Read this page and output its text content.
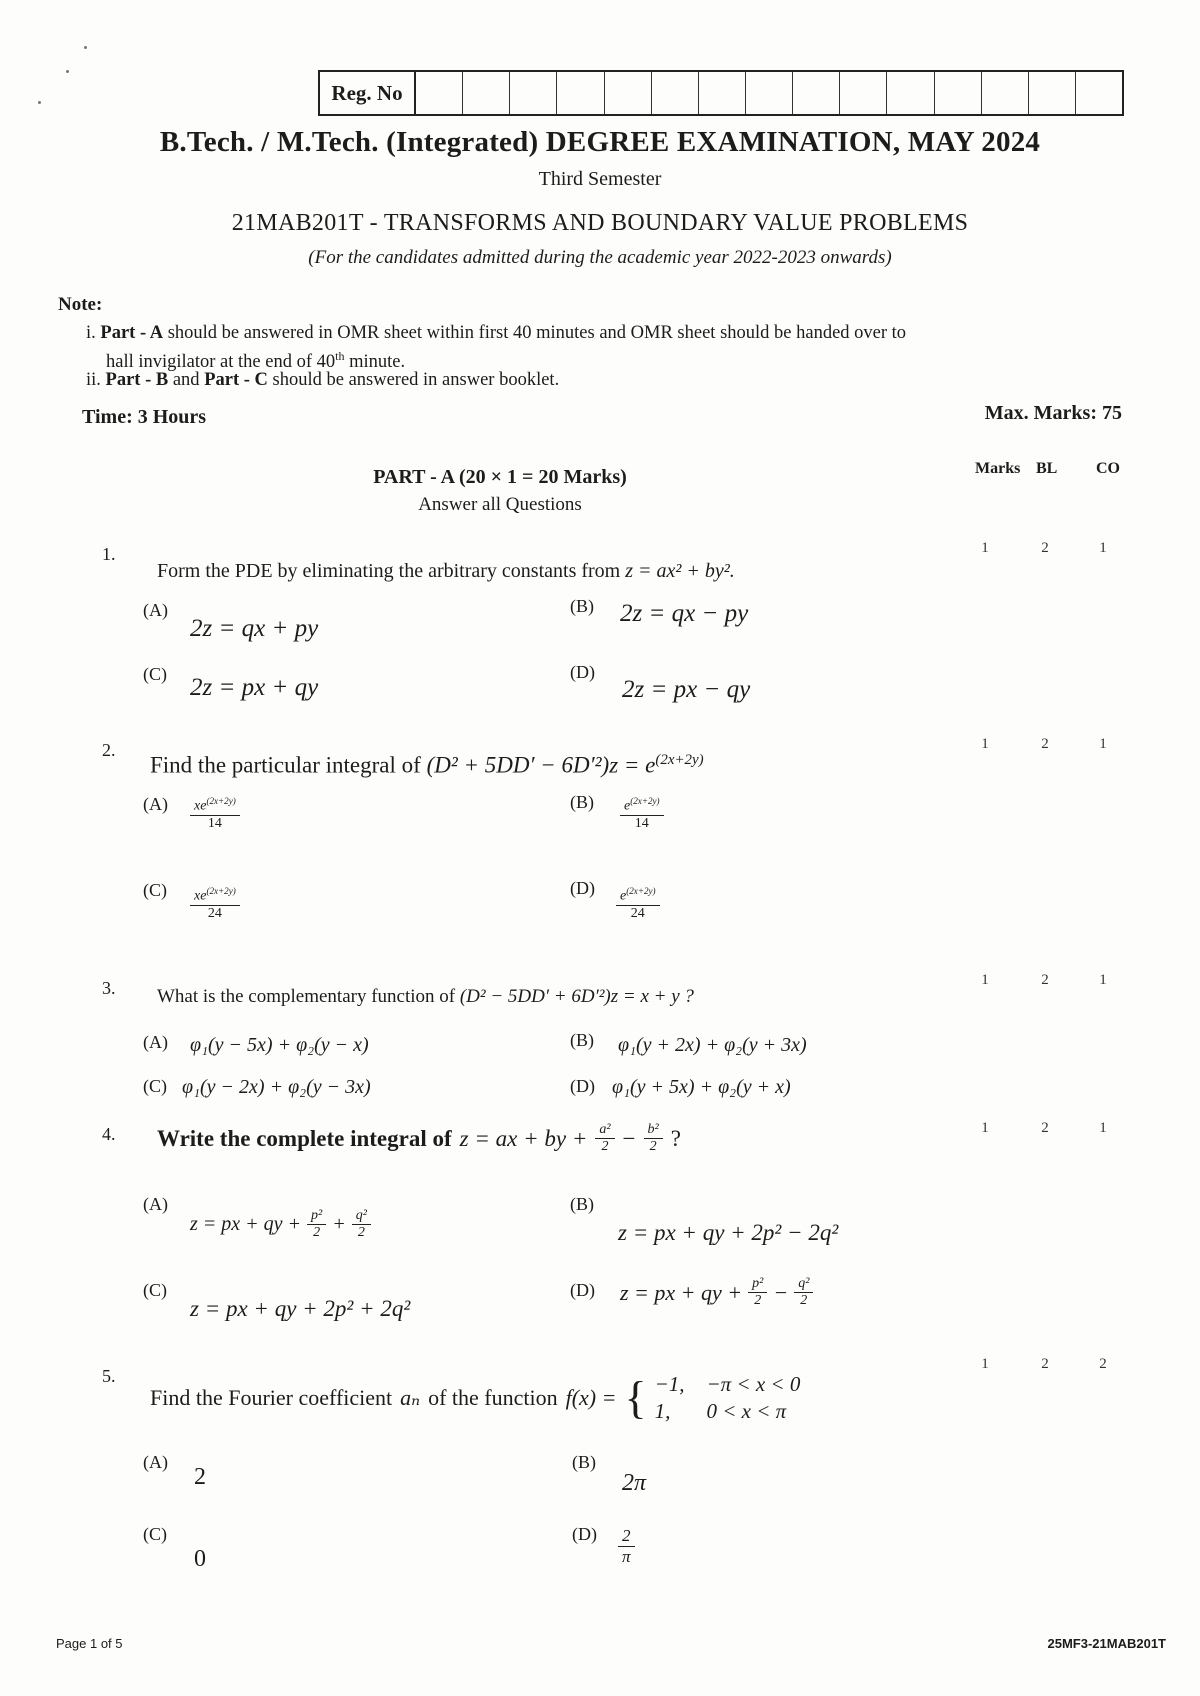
Reg. No
B.Tech. / M.Tech. (Integrated) DEGREE EXAMINATION, MAY 2024
Third Semester
21MAB201T - TRANSFORMS AND BOUNDARY VALUE PROBLEMS
(For the candidates admitted during the academic year 2022-2023 onwards)
Note:
i. Part - A should be answered in OMR sheet within first 40 minutes and OMR sheet should be handed over to
hall invigilator at the end of 40th minute.
ii. Part - B and Part - C should be answered in answer booklet.
Time: 3 Hours	Max. Marks: 75
PART - A (20 × 1 = 20 Marks)
Answer all Questions
Marks BL CO
1.
Form the PDE by eliminating the arbitrary constants from z = ax² + by².
1	2	1
(A)
2z = qx + py
(B) 2z = qx − py
(C) 2z = px + qy
(D)
2z = px − qy
2.
Find the particular integral of $(D^2 + 5DD' - 6D'^2)z = e^{(2x+2y)}$
1	2	1
(A) $xe^{(2x+2y)}$
14
(B) $e^{(2x+2y)}$
14
(C) $xe^{(2x+2y)}$
24
(D) $e^{(2x+2y)}$
24
3. What is the complementary function of (D² − 5DD′ + 6D′²)z = x + y ?
1	2	1
(A) φ₁(y − 5x) + φ₂(y − x)	(B) φ₁(y + 2x) + φ₂(y + 3x)
(C) φ₁(y − 2x) + φ₂(y − 3x)	(D) φ₁(y + 5x) + φ₂(y + x)
4. Write the complete integral of z = ax + by + $\frac{\text{a²}}{2} - \frac{\text{b²}}{2}$ ?	1	2	1
(A)
z = px + qy + $\frac{\text{p²}}{2} + \frac{\text{q²}}{2}$
(B)
z = px + qy + 2p² − 2q²
(C)
z = px + qy + 2p² + 2q²
(D) z = px + qy + $\frac{\text{p²}}{2} - \frac{\text{q²}}{2}$
5.
Find the Fourier coefficient aₙ of the function f(x) = { −1, −π < x < 0
1,	0 < x < π
1	2	2
(A)
2
(B)
2π
(C)
0
(D) 2
π
Page 1 of 5	25MF3-21MAB201T
